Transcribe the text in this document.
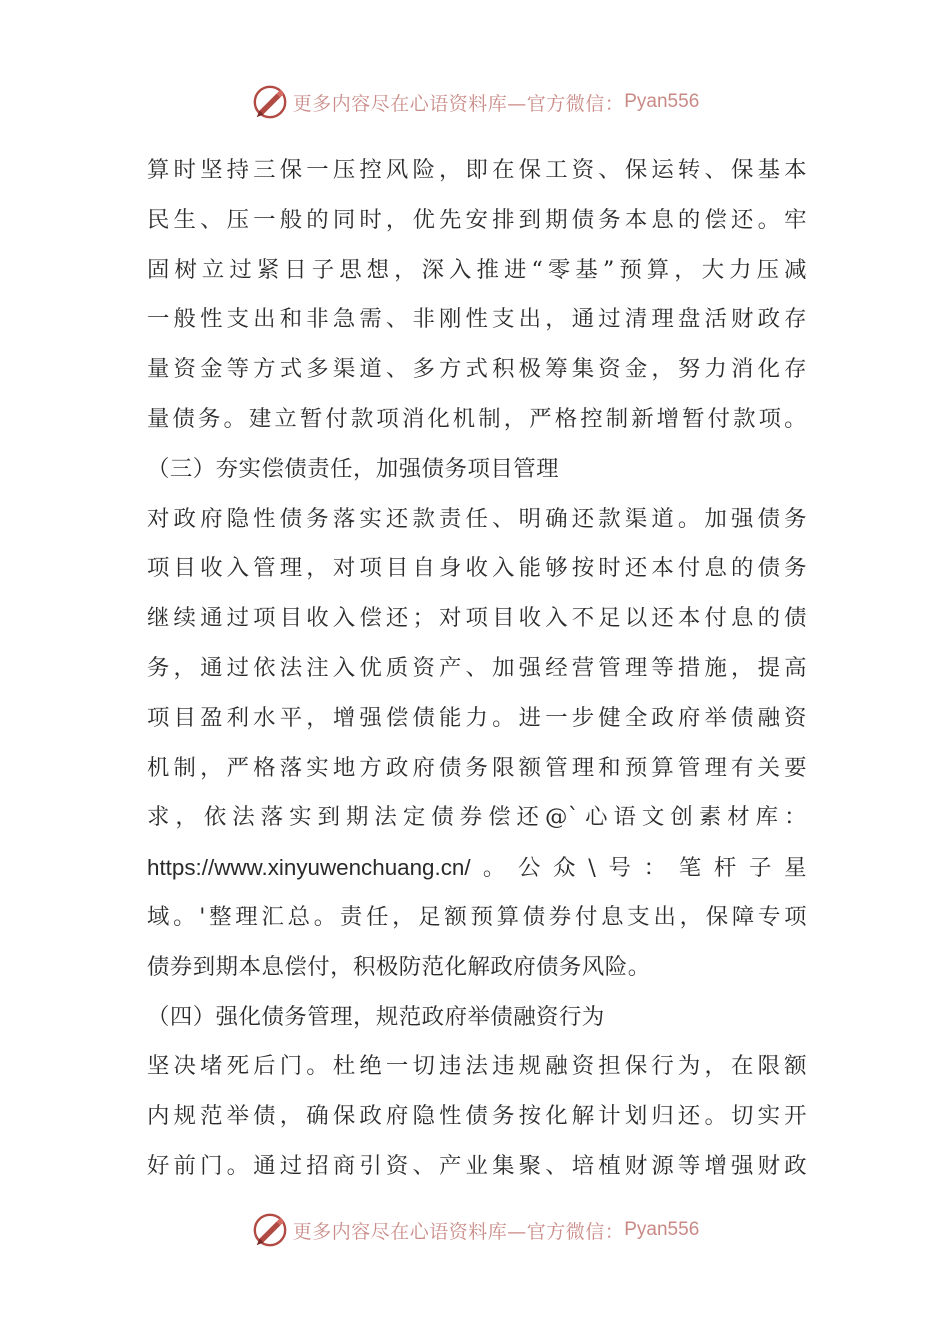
更多内容尽在心语资料库—官方微信： Pyan556
算时坚持三保一压控风险，即在保工资、保运转、保基本
民生、压一般的同时，优先安排到期债务本息的偿还。牢
固树立过紧日子思想，深入推进“零基”预算，大力压减
一般性支出和非急需、非刚性支出，通过清理盘活财政存
量资金等方式多渠道、多方式积极筹集资金，努力消化存
量债务。建立暂付款项消化机制，严格控制新增暂付款项。
（三）夯实偿债责任，加强债务项目管理
对政府隐性债务落实还款责任、明确还款渠道。加强债务
项目收入管理，对项目自身收入能够按时还本付息的债务
继续通过项目收入偿还；对项目收入不足以还本付息的债
务，通过依法注入优质资产、加强经营管理等措施，提高
项目盈利水平，增强偿债能力。进一步健全政府举债融资
机制，严格落实地方政府债务限额管理和预算管理有关要
求，依法落实到期法定债券偿还@`心语文创素材库：
https://www.xinyuwenchuang.cn/。公众\号：笔杆子星
域。'整理汇总。责任，足额预算债券付息支出，保障专项
债券到期本息偿付，积极防范化解政府债务风险。
（四）强化债务管理，规范政府举债融资行为
坚决堵死后门。杜绝一切违法违规融资担保行为，在限额
内规范举债，确保政府隐性债务按化解计划归还。切实开
好前门。通过招商引资、产业集聚、培植财源等增强财政
更多内容尽在心语资料库—官方微信： Pyan556
